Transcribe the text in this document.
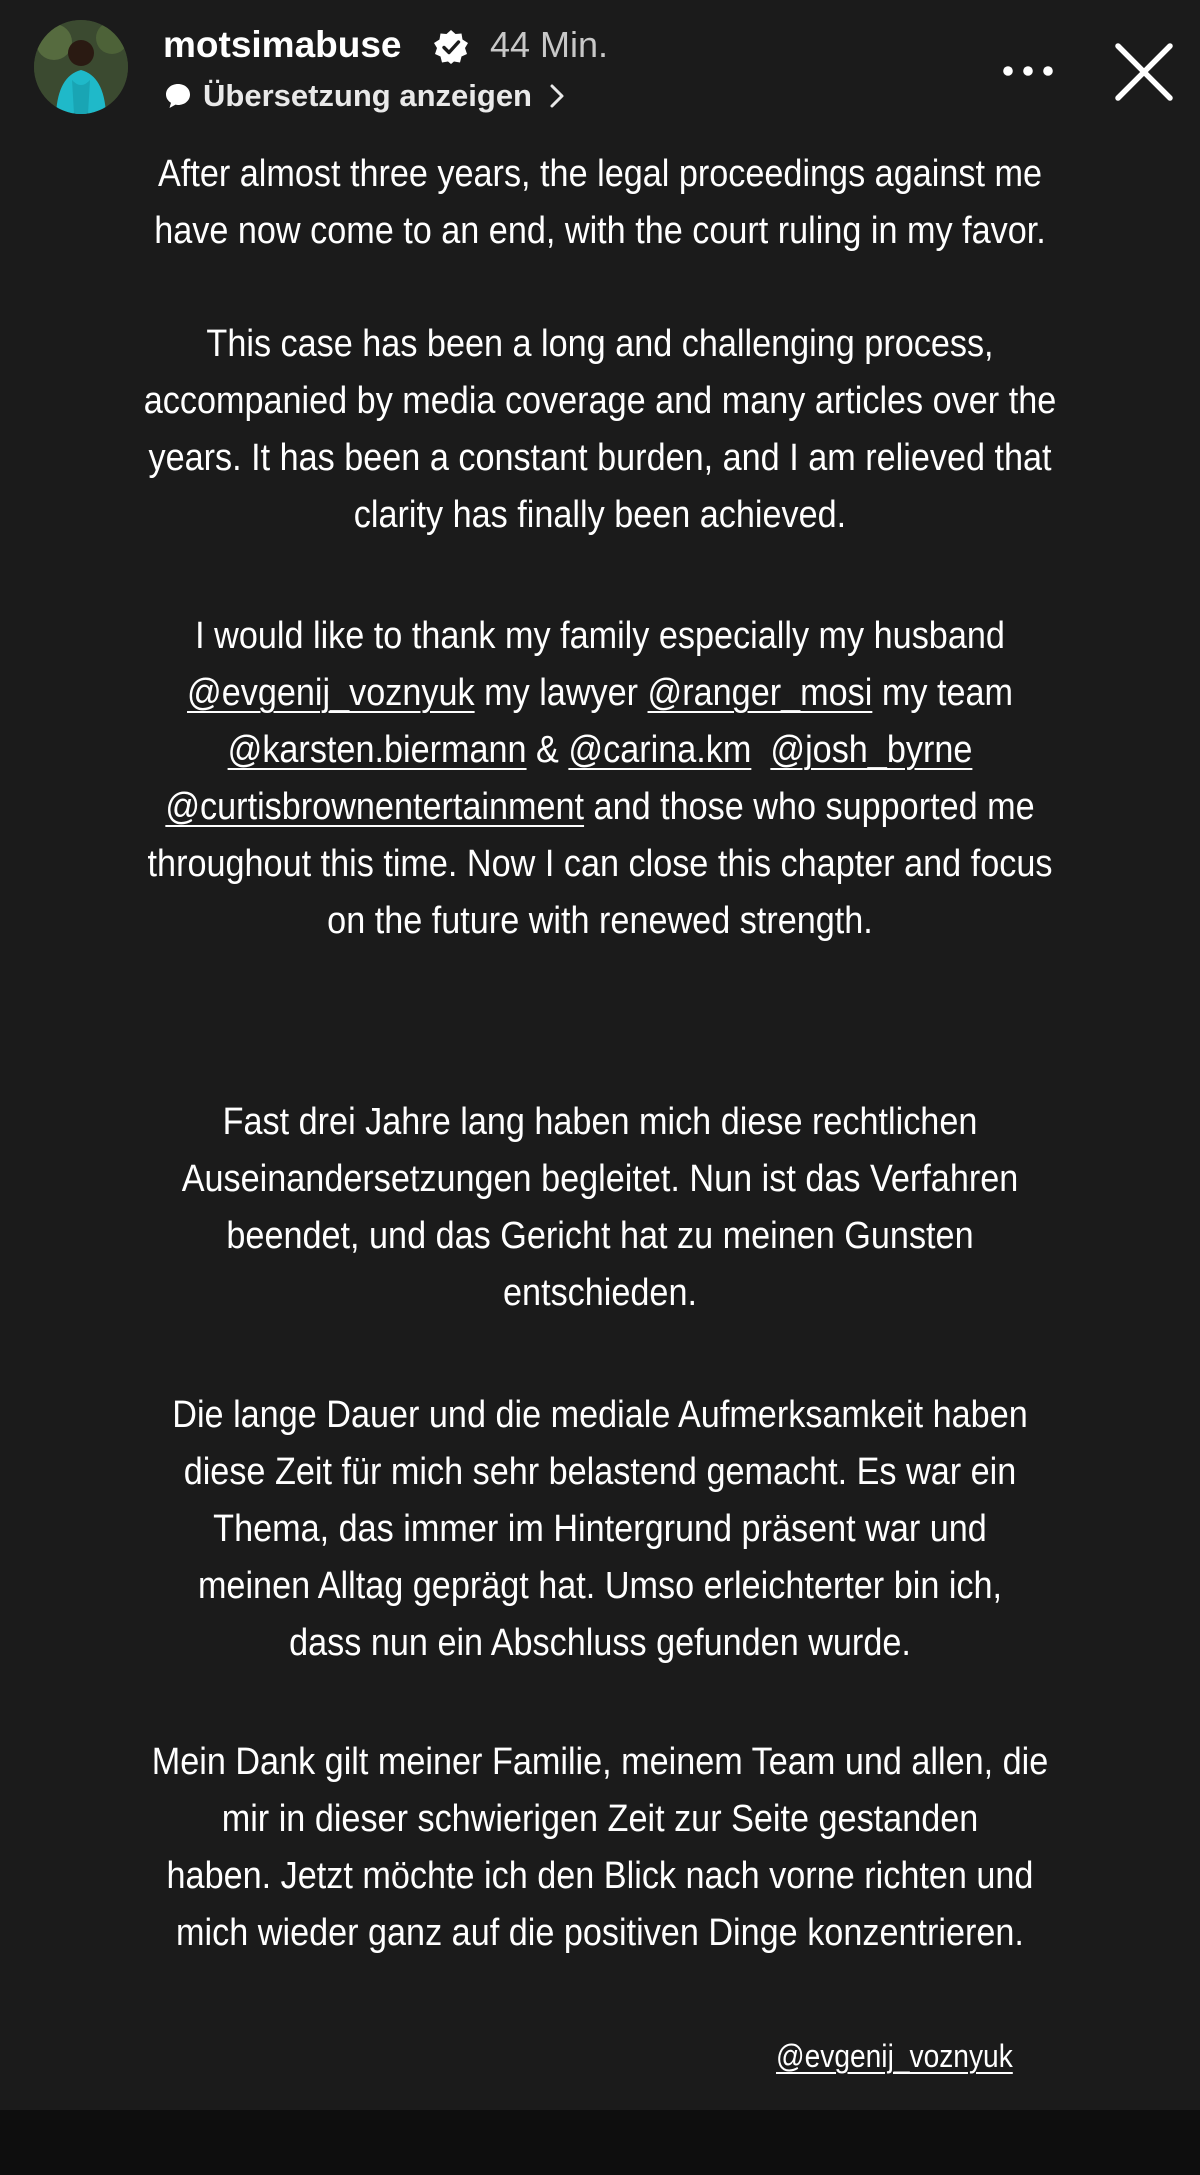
motsimabuse 44 Min.
Übersetzung anzeigen
After almost three years, the legal proceedings against me
have now come to an end, with the court ruling in my favor.
This case has been a long and challenging process,
accompanied by media coverage and many articles over the
years. It has been a constant burden, and I am relieved that
clarity has finally been achieved.
I would like to thank my family especially my husband
@evgenij_voznyuk my lawyer @ranger_mosi my team
@karsten.biermann & @carina.km @josh_byrne
@curtisbrownentertainment and those who supported me
throughout this time. Now I can close this chapter and focus
on the future with renewed strength.
Fast drei Jahre lang haben mich diese rechtlichen
Auseinandersetzungen begleitet. Nun ist das Verfahren
beendet, und das Gericht hat zu meinen Gunsten
entschieden.
Die lange Dauer und die mediale Aufmerksamkeit haben
diese Zeit für mich sehr belastend gemacht. Es war ein
Thema, das immer im Hintergrund präsent war und
meinen Alltag geprägt hat. Umso erleichterter bin ich,
dass nun ein Abschluss gefunden wurde.
Mein Dank gilt meiner Familie, meinem Team und allen, die
mir in dieser schwierigen Zeit zur Seite gestanden
haben. Jetzt möchte ich den Blick nach vorne richten und
mich wieder ganz auf die positiven Dinge konzentrieren.
@evgenij_voznyuk
